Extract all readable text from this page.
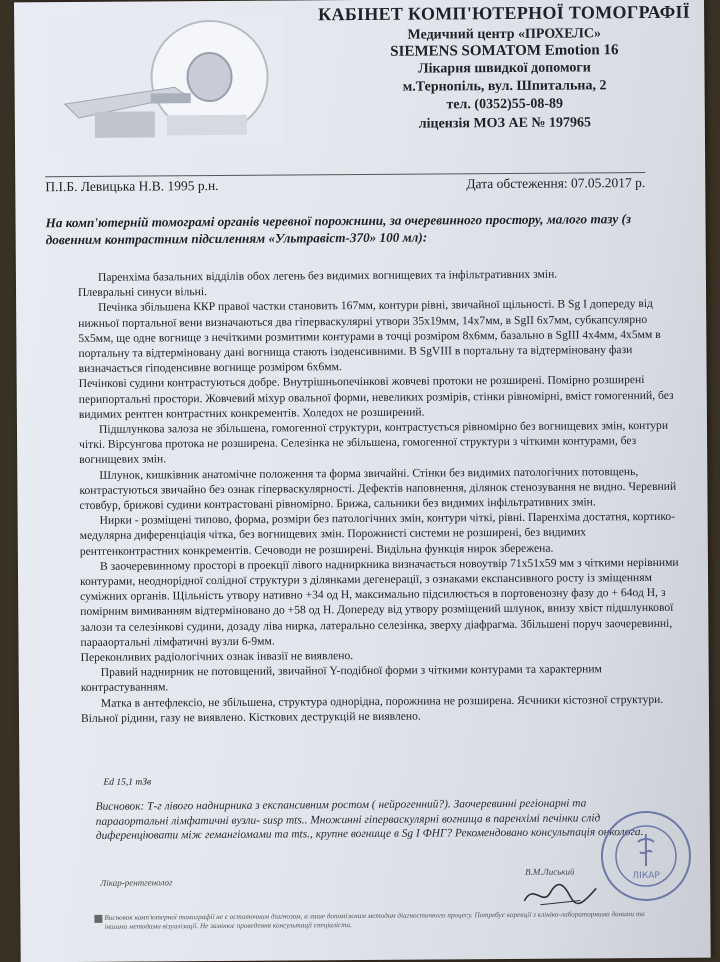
КАБІНЕТ КОМП'ЮТЕРНОЇ ТОМОГРАФІЇ
Медичний центр «ПРОХЕЛС»
SIEMENS SOMATOM Emotion 16
Лікарня швидкої допомоги
м.Тернопіль, вул. Шпитальна, 2
тел. (0352)55-08-89
ліцензія МОЗ АЕ № 197965
П.І.Б. Левицька Н.В. 1995 р.н.	Дата обстеження: 07.05.2017 р.
На комп'ютерній томограмі органів черевної порожнини, за очеревинного простору, малого тазу (з довенним контрастним підсиленням «Ультравіст-370» 100 мл):

Паренхіма базальних відділів обох легень без видимих вогнищевих та інфільтративних змін.

Плевральні синуси вільні.

Печінка збільшена ККР правої частки становить 167мм, контури рівні, звичайної щільності. В Sg I допереду від нижньої портальної вени визначаються два гіперваскулярні утвори 35х19мм, 14х7мм, в SgII 6х7мм, субкапсулярно 5х5мм, ще одне вогнище з нечіткими розмитими контурами в точці розміром 8х6мм, базально в SgIII 4х4мм, 4х5мм в портальну та відтерміновану дані вогнища стають ізоденсивними. В SgVIII в портальну та відтерміновану фази визначається гіподенсивне вогнище розміром 6х6мм.

Печінкові судини контрастуються добре. Внутрішньопечінкові жовчеві протоки не розширені. Помірно розширені перипортальні простори. Жовчевий міхур овальної форми, невеликих розмірів, стінки рівномірні, вміст гомогенний, без видимих рентген контрастних конкрементів. Холедох не розширений.

Підшлункова залоза не збільшена, гомогенної структури, контрастується рівномірно без вогнищевих змін, контури чіткі. Вірсунгова протока не розширена. Селезінка не збільшена, гомогенної структури з чіткими контурами, без вогнищевих змін.

Шлунок, кишківник анатомічне положення та форма звичайні. Стінки без видимих патологічних потовщень, контрастуються звичайно без ознак гіперваскулярності. Дефектів наповнення, ділянок стенозування не видно. Черевний стовбур, брижові судини контрастовані рівномірно. Брижа, сальники без видимих інфільтративних змін.

Нирки - розміщені типово, форма, розміри без патологічних змін, контури чіткі, рівні. Паренхіма достатня, кортико-медулярна диференціація чітка, без вогнищевих змін. Порожнисті системи не розширені, без видимих рентгенконтрастних конкрементів. Сечоводи не розширені. Видільна функція нирок збережена.

В заочеревинному просторі в проекції лівого надниркника визначається новоутвір 71х51х59 мм з чіткими нерівними контурами, неоднорідної солідної структури з ділянками дегенерації, з ознаками експансивного росту із зміщенням суміжних органів. Щільність утвору нативно +34 од Н, максимально підсилюється в портовенозну фазу до + 64од Н, з помірним вимиванням відтерміновано до +58 од Н. Допереду від утвору розміщений шлунок, внизу хвіст підшлункової залози та селезінкові судини, дозаду ліва нирка, латерально селезінка, зверху діафрагма. Збільшені поруч заочеревинні, парааортальні лімфатичні вузли 6-9мм.

Переконливих радіологічних ознак інвазії не виявлено.

Правий наднирник не потовщений, звичайної Y-подібної форми з чіткими контурами та характерним контрастуванням.

Матка в антефлексіо, не збільшена, структура однорідна, порожнина не розширена. Яєчники кістозної структури. Вільної рідини, газу не виявлено. Кісткових деструкцій не виявлено.

Ed 15,1 mЗв
Висновок: Т-г лівого наднирника з експансивним ростом ( нейрогенний?). Заочеревинні регіонарні та парааортальні лімфатичні вузли- susp mts.. Множинні гіперваскулярні вогнища в паренхімі печінки слід диференціювати між гемангіомами та mts., крупне вогнище в Sg I ФНГ? Рекомендовано консультація онколога.
Лікар-рентгенолог
В.М.Лиський	ЛІКАР
Висновок комп'ютерної томографії не є остаточним діагнозом, а лише допоміжним методом діагностичного процесу. Потребує корекції з клініко-лабораторними даними та іншими методами візуалізації. Не замінює проведення консультації спеціаліста.
